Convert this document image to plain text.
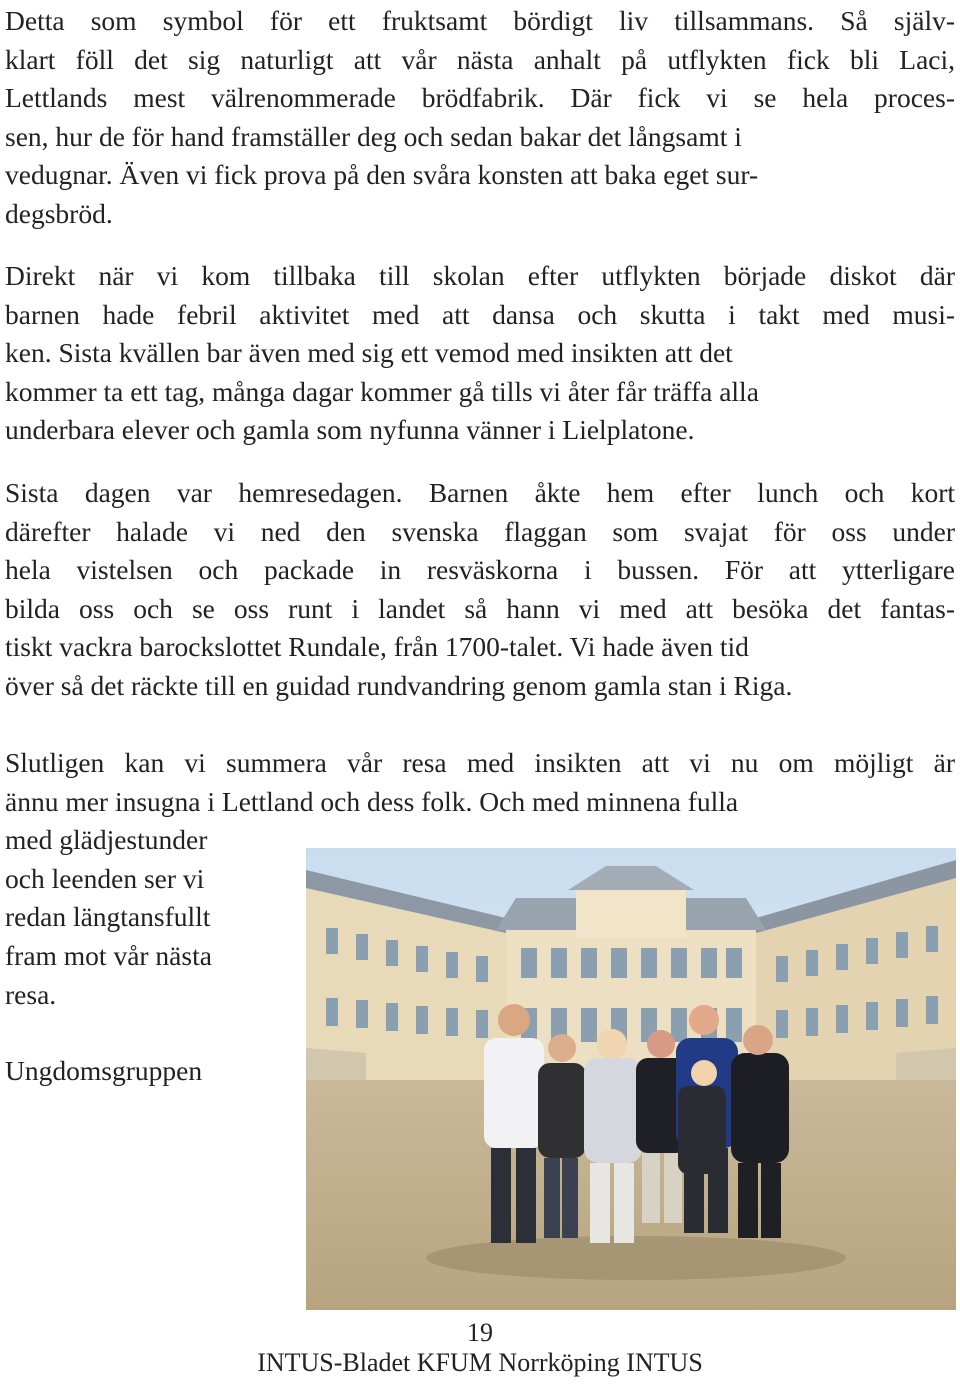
Detta som symbol för ett fruktsamt bördigt liv tillsammans. Så själv-
klart föll det sig naturligt att vår nästa anhalt på utflykten fick bli Laci,
Lettlands mest välrenommerade brödfabrik. Där fick vi se hela proces-
sen, hur de för hand framställer deg och sedan bakar det långsamt i
vedugnar. Även vi fick prova på den svåra konsten att baka eget sur-
degsbröd.

Direkt när vi kom tillbaka till skolan efter utflykten började diskot där
barnen hade febril aktivitet med att dansa och skutta i takt med musi-
ken. Sista kvällen bar även med sig ett vemod med insikten att det
kommer ta ett tag, många dagar kommer gå tills vi åter får träffa alla
underbara elever och gamla som nyfunna vänner i Lielplatone.

Sista dagen var hemresedagen. Barnen åkte hem efter lunch och kort
därefter halade vi ned den svenska flaggan som svajat för oss under
hela vistelsen och packade in resväskorna i bussen. För att ytterligare
bilda oss och se oss runt i landet så hann vi med att besöka det fantas-
tiskt vackra barockslottet Rundale, från 1700-talet. Vi hade även tid
över så det räckte till en guidad rundvandring genom gamla stan i Riga.

Slutligen kan vi summera vår resa med insikten att vi nu om möjligt är
ännu mer insugna i Lettland och dess folk. Och med minnena fulla
med glädjestunder
och leenden ser vi
redan längtansfullt
fram mot vår nästa
resa.

Ungdomsgruppen

19
INTUS-Bladet KFUM Norrköping INTUS
